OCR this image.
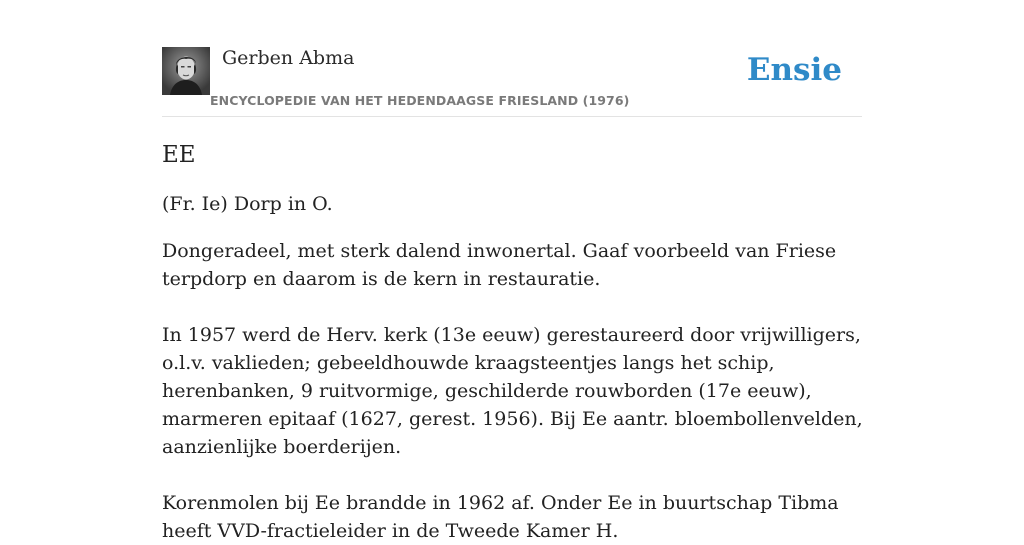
Gerben Abma
ENCYCLOPEDIE VAN HET HEDENDAAGSE FRIESLAND (1976)
Ensie
EE

(Fr. Ie) Dorp in O.

Dongeradeel, met sterk dalend inwonertal. Gaaf voorbeeld van Friese terpdorp en daarom is de kern in restauratie.

In 1957 werd de Herv. kerk (13e eeuw) gerestaureerd door vrijwilligers, o.l.v. vaklieden; gebeeldhouwde kraagsteentjes langs het schip, herenbanken, 9 ruitvormige, geschilderde rouwborden (17e eeuw), marmeren epitaaf (1627, gerest. 1956). Bij Ee aantr. bloembollenvelden, aanzienlijke boerderijen.

Korenmolen bij Ee brandde in 1962 af. Onder Ee in buurtschap Tibma heeft VVD-fractieleider in de Tweede Kamer H.
